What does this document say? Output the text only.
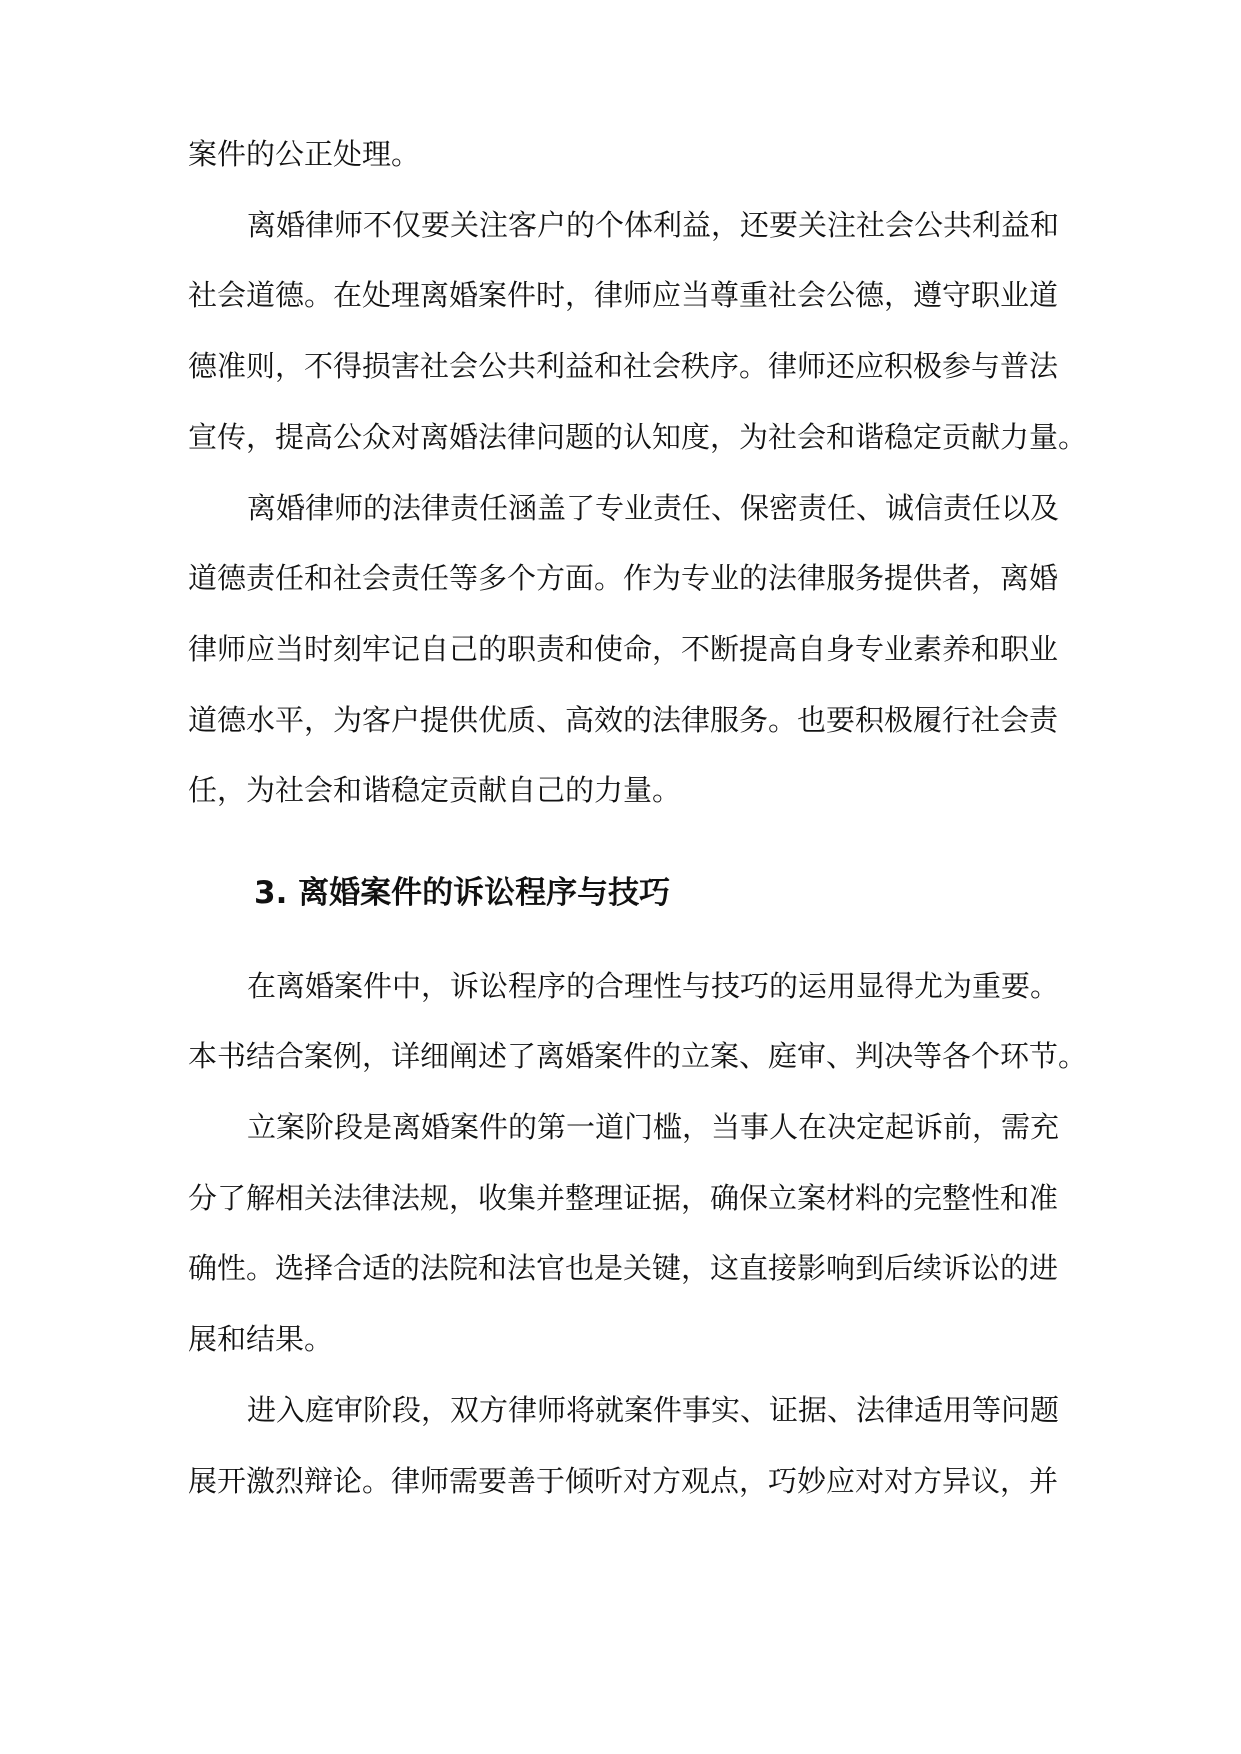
案件的公正处理。

离婚律师不仅要关注客户的个体利益，还要关注社会公共利益和

社会道德。在处理离婚案件时，律师应当尊重社会公德，遵守职业道

德准则，不得损害社会公共利益和社会秩序。律师还应积极参与普法

宣传，提高公众对离婚法律问题的认知度，为社会和谐稳定贡献力量。

离婚律师的法律责任涵盖了专业责任、保密责任、诚信责任以及

道德责任和社会责任等多个方面。作为专业的法律服务提供者，离婚

律师应当时刻牢记自己的职责和使命，不断提高自身专业素养和职业

道德水平，为客户提供优质、高效的法律服务。也要积极履行社会责

任，为社会和谐稳定贡献自己的力量。

3. 离婚案件的诉讼程序与技巧

在离婚案件中，诉讼程序的合理性与技巧的运用显得尤为重要。

本书结合案例，详细阐述了离婚案件的立案、庭审、判决等各个环节。

立案阶段是离婚案件的第一道门槛，当事人在决定起诉前，需充

分了解相关法律法规，收集并整理证据，确保立案材料的完整性和准

确性。选择合适的法院和法官也是关键，这直接影响到后续诉讼的进

展和结果。

进入庭审阶段，双方律师将就案件事实、证据、法律适用等问题

展开激烈辩论。律师需要善于倾听对方观点，巧妙应对对方异议，并
